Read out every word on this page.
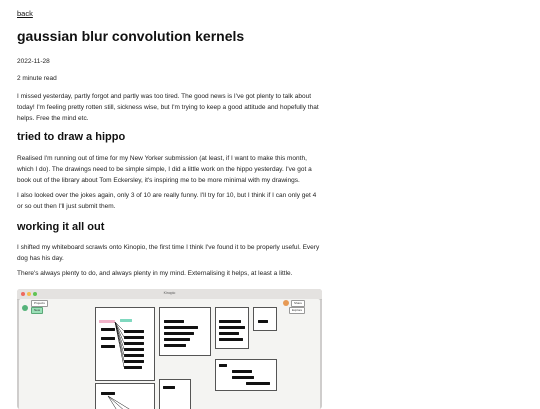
back
gaussian blur convolution kernels
2022-11-28
2 minute read

I missed yesterday, partly forgot and partly was too tired. The good news is I've got plenty to talk about today! I'm feeling pretty rotten still, sickness wise, but I'm trying to keep a good attitude and hopefully that helps. Free the mind etc.

tried to draw a hippo

Realised I'm running out of time for my New Yorker submission (at least, if I want to make this month, which I do). The drawings need to be simple simple, I did a little work on the hippo yesterday. I've got a book out of the library about Tom Eckersley, it's inspiring me to be more minimal with my drawings.

I also looked over the jokes again, only 3 of 10 are really funny. I'll try for 10, but I think if I can only get 4 or so out then I'll just submit them.

working it all out

I shifted my whiteboard scrawls onto Kinopio, the first time I think I've found it to be properly useful. Every dog has his day.

There's always plenty to do, and always plenty in my mind. Externalising it helps, at least a little.

Kinopio
Projects
New
Share
Explore
